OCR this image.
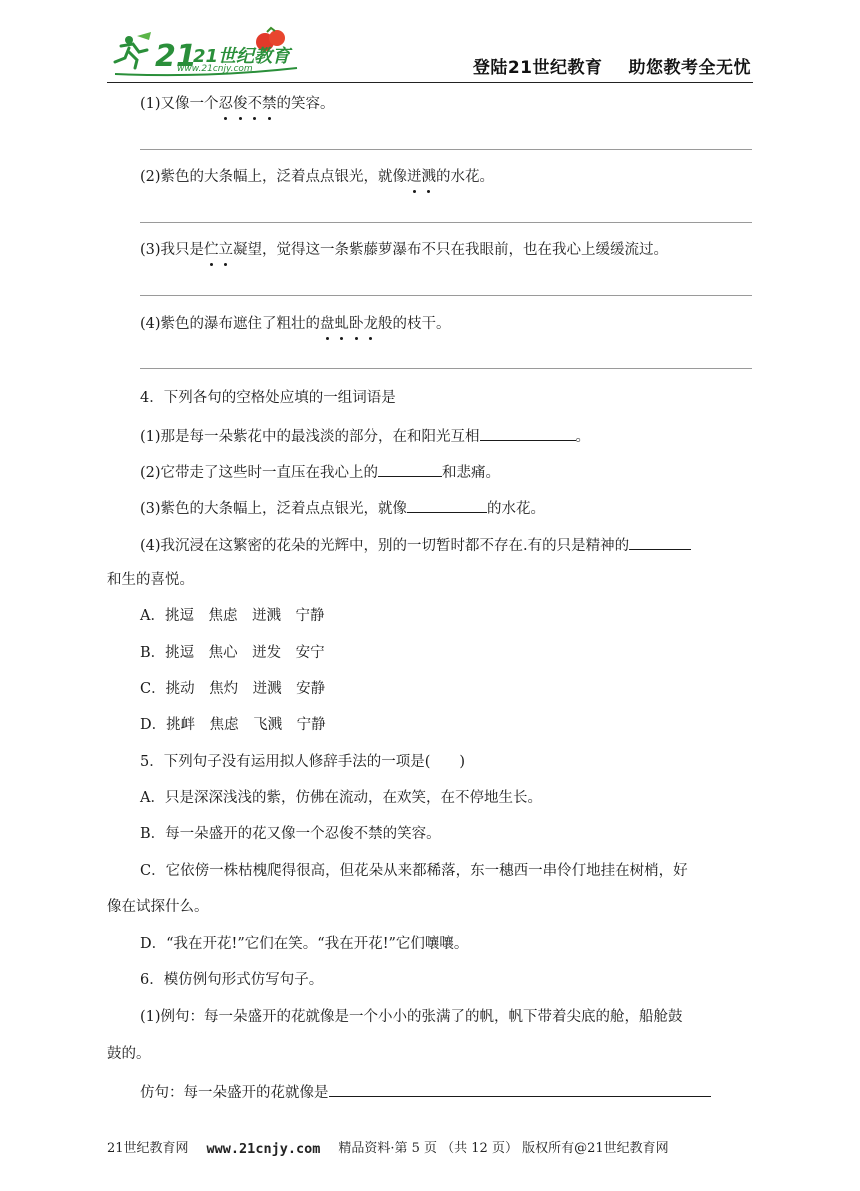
21
21世纪教育
www.21cnjy.com	登陆21世纪教育 助您教考全无忧
(1)又像一个忍俊不禁的笑容。
(2)紫色的大条幅上，泛着点点银光，就像迸溅的水花。
(3)我只是伫立凝望，觉得这一条紫藤萝瀑布不只在我眼前，也在我心上缓缓流过。
(4)紫色的瀑布遮住了粗壮的盘虬卧龙般的枝干。
4．下列各句的空格处应填的一组词语是
(1)那是每一朵紫花中的最浅淡的部分，在和阳光互相	。
(2)它带走了这些时一直压在我心上的	和悲痛。
(3)紫色的大条幅上，泛着点点银光，就像	的水花。
(4)我沉浸在这繁密的花朵的光辉中，别的一切暂时都不存在.有的只是精神的
和生的喜悦。
A．挑逗　焦虑　迸溅　宁静
B．挑逗　焦心　迸发　安宁
C．挑动　焦灼　迸溅　安静
D．挑衅　焦虑　飞溅　宁静
5．下列句子没有运用拟人修辞手法的一项是(　　)
A．只是深深浅浅的紫，仿佛在流动，在欢笑，在不停地生长。
B．每一朵盛开的花又像一个忍俊不禁的笑容。
C．它依傍一株枯槐爬得很高，但花朵从来都稀落，东一穗西一串伶仃地挂在树梢，好
像在试探什么。
D．“我在开花!”它们在笑。“我在开花!”它们嚷嚷。
6．模仿例句形式仿写句子。
(1)例句：每一朵盛开的花就像是一个小小的张满了的帆，帆下带着尖底的舱，船舱鼓
鼓的。
仿句：每一朵盛开的花就像是
21世纪教育网 www.21cnjy.com 精品资料·第 5 页 （共 12 页） 版权所有@21世纪教育网
